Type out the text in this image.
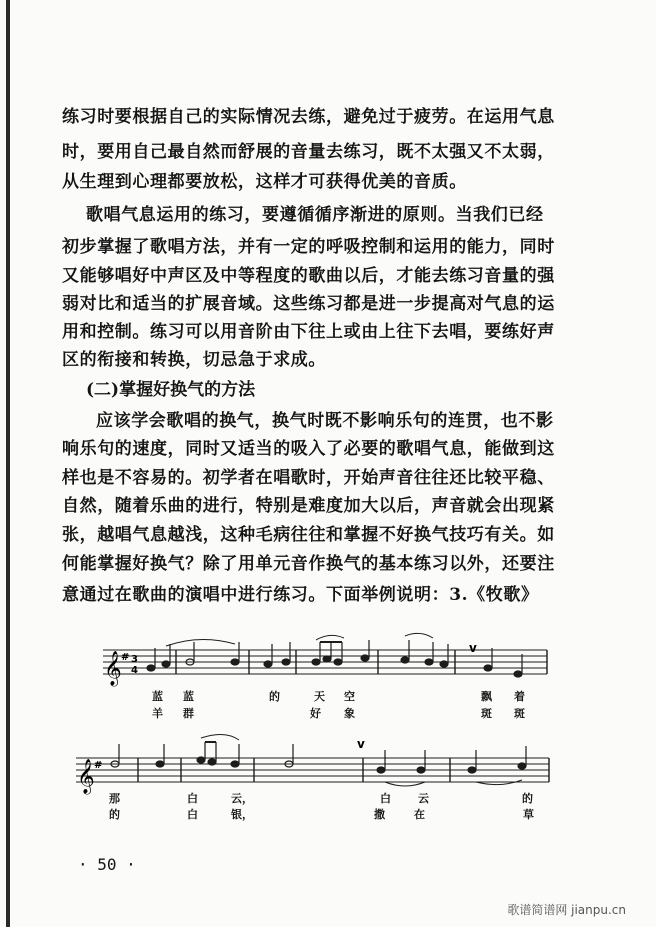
练习时要根据自己的实际情况去练，避免过于疲劳。在运用气息
时，要用自己最自然而舒展的音量去练习，既不太强又不太弱，
从生理到心理都要放松，这样才可获得优美的音质。
歌唱气息运用的练习，要遵循循序渐进的原则。当我们已经
初步掌握了歌唱方法，并有一定的呼吸控制和运用的能力，同时
又能够唱好中声区及中等程度的歌曲以后，才能去练习音量的强
弱对比和适当的扩展音域。这些练习都是进一步提高对气息的运
用和控制。练习可以用音阶由下往上或由上往下去唱，要练好声
区的衔接和转换，切忌急于求成。
(二)掌握好换气的方法
应该学会歌唱的换气，换气时既不影响乐句的连贯，也不影
响乐句的速度，同时又适当的吸入了必要的歌唱气息，能做到这
样也是不容易的。初学者在唱歌时，开始声音往往还比较平稳、
自然，随着乐曲的进行，特别是难度加大以后，声音就会出现紧
张，越唱气息越浅，这种毛病往往和掌握不好换气技巧有关。如
何能掌握好换气？除了用单元音作换气的基本练习以外，还要注
意通过在歌曲的演唱中进行练习。下面举例说明：3.《牧歌》
𝄞 # 3
4
v
𝄞 #
v
蓝 蓝	的	天 空	飘 着
羊 群	好 象	斑 斑
那	白	云，	白 云	的
的	白	银，	撒	在	草
· 50 ·
歌谱简谱网 jianpu.cn
